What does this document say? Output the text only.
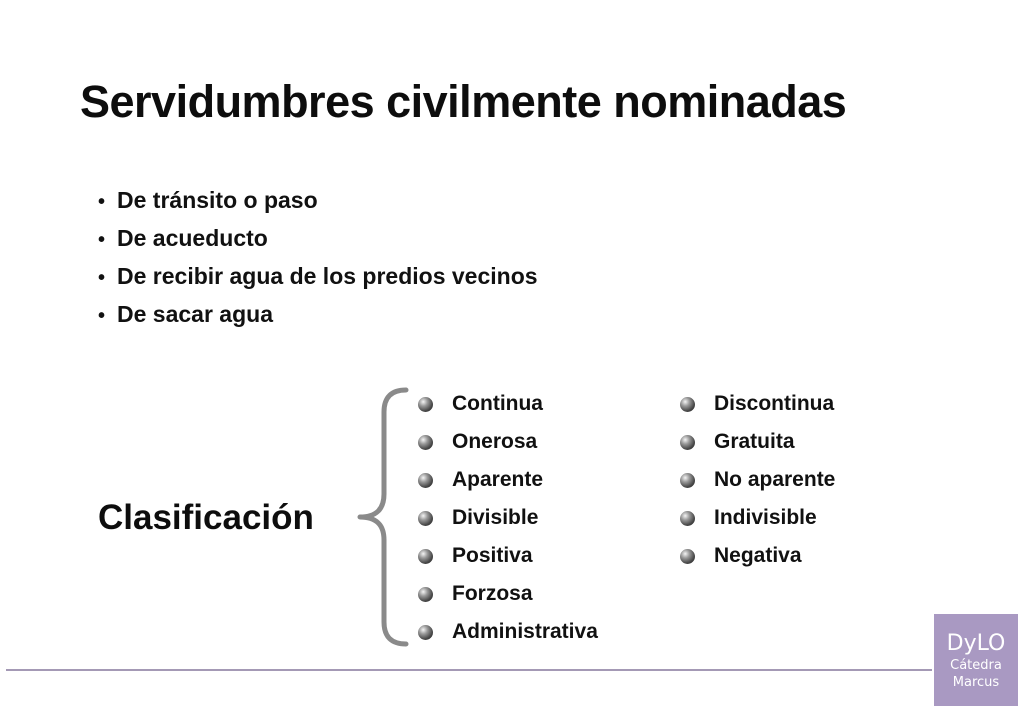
Servidumbres civilmente nominadas
• De tránsito o paso
• De acueducto
• De recibir agua de los predios vecinos
• De sacar agua
Clasificación
Continua
Onerosa
Aparente
Divisible
Positiva
Forzosa
Administrativa
Discontinua
Gratuita
No aparente
Indivisible
Negativa
DyLO
Cátedra
Marcus
